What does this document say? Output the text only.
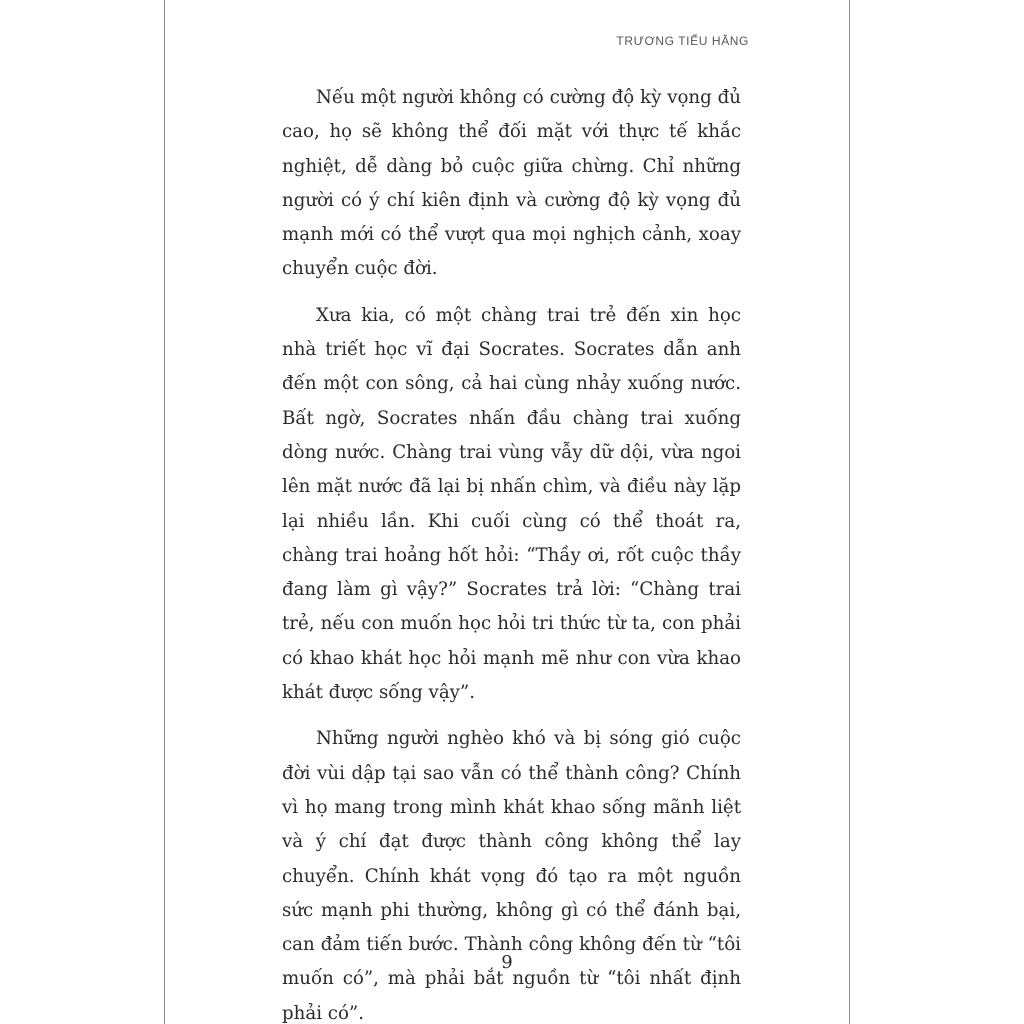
TRƯƠNG TIỂU HẰNG

Nếu một người không có cường độ kỳ vọng đủ cao, họ sẽ không thể đối mặt với thực tế khắc nghiệt, dễ dàng bỏ cuộc giữa chừng. Chỉ những người có ý chí kiên định và cường độ kỳ vọng đủ mạnh mới có thể vượt qua mọi nghịch cảnh, xoay chuyển cuộc đời.

Xưa kia, có một chàng trai trẻ đến xin học nhà triết học vĩ đại Socrates. Socrates dẫn anh đến một con sông, cả hai cùng nhảy xuống nước. Bất ngờ, Socrates nhấn đầu chàng trai xuống dòng nước. Chàng trai vùng vẫy dữ dội, vừa ngoi lên mặt nước đã lại bị nhấn chìm, và điều này lặp lại nhiều lần. Khi cuối cùng có thể thoát ra, chàng trai hoảng hốt hỏi: “Thầy ơi, rốt cuộc thầy đang làm gì vậy?” Socrates trả lời: “Chàng trai trẻ, nếu con muốn học hỏi tri thức từ ta, con phải có khao khát học hỏi mạnh mẽ như con vừa khao khát được sống vậy”.

Những người nghèo khó và bị sóng gió cuộc đời vùi dập tại sao vẫn có thể thành công? Chính vì họ mang trong mình khát khao sống mãnh liệt và ý chí đạt được thành công không thể lay chuyển. Chính khát vọng đó tạo ra một nguồn sức mạnh phi thường, không gì có thể đánh bại, can đảm tiến bước. Thành công không đến từ “tôi muốn có”, mà phải bắt nguồn từ “tôi nhất định phải có”.

9
